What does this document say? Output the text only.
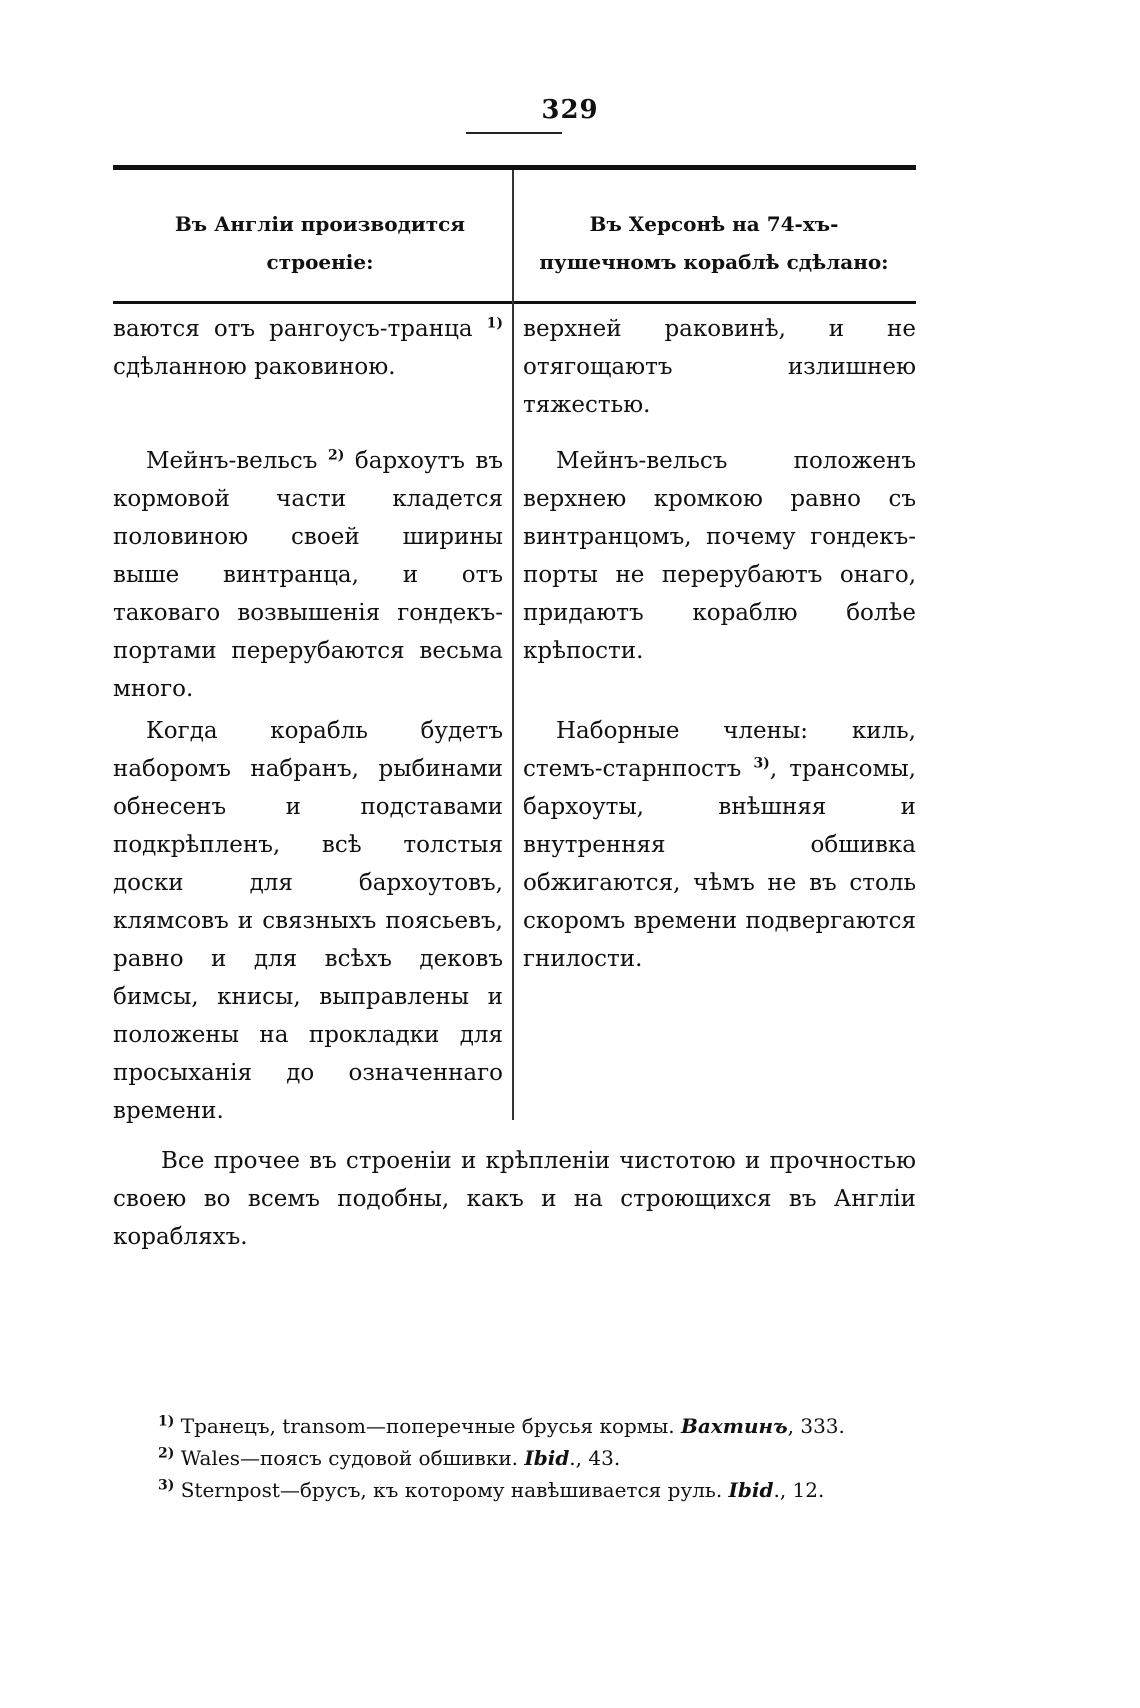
329
Въ Англіи производится строеніе:
Въ Херсонѣ на 74-хъ-пушечномъ кораблѣ сдѣлано:

ваются отъ рангоусъ-транца $^{1)}$ сдѣланною раковиною.

Мейнъ-вельсъ $^{2)}$ бархоутъ въ кормовой части кладется половиною своей ширины выше винтранца, и отъ таковаго возвышенія гондекъ-портами перерубаются весьма много.

Когда корабль будетъ наборомъ набранъ, рыбинами обнесенъ и подставами подкрѣпленъ, всѣ толстыя доски для бархоутовъ, клямсовъ и связныхъ поясьевъ, равно и для всѣхъ дековъ бимсы, книсы, выправлены и положены на прокладки для просыханія до означеннаго времени.

верхней раковинѣ, и не отягощаютъ излишнею тяжестью.

Мейнъ-вельсъ положенъ верхнею кромкою равно съ винтранцомъ, почему гондекъ-порты не перерубаютъ онаго, придаютъ кораблю болѣе крѣпости.

Наборные члены: киль, стемъ-старнпостъ $^{3)}$, трансомы, бархоуты, внѣшняя и внутренняя обшивка обжигаются, чѣмъ не въ столь скоромъ времени подвергаются гнилости.

Все прочее въ строеніи и крѣпленіи чистотою и прочностью своею во всемъ подобны, какъ и на строющихся въ Англіи корабляхъ.

$^{1)}$ Транецъ, transom—поперечные брусья кормы. Вахтинъ, 333.
$^{2)}$ Wales—поясъ судовой обшивки. Ibid., 43.
$^{3)}$ Sternpost—брусъ, къ которому навѣшивается руль. Ibid., 12.
